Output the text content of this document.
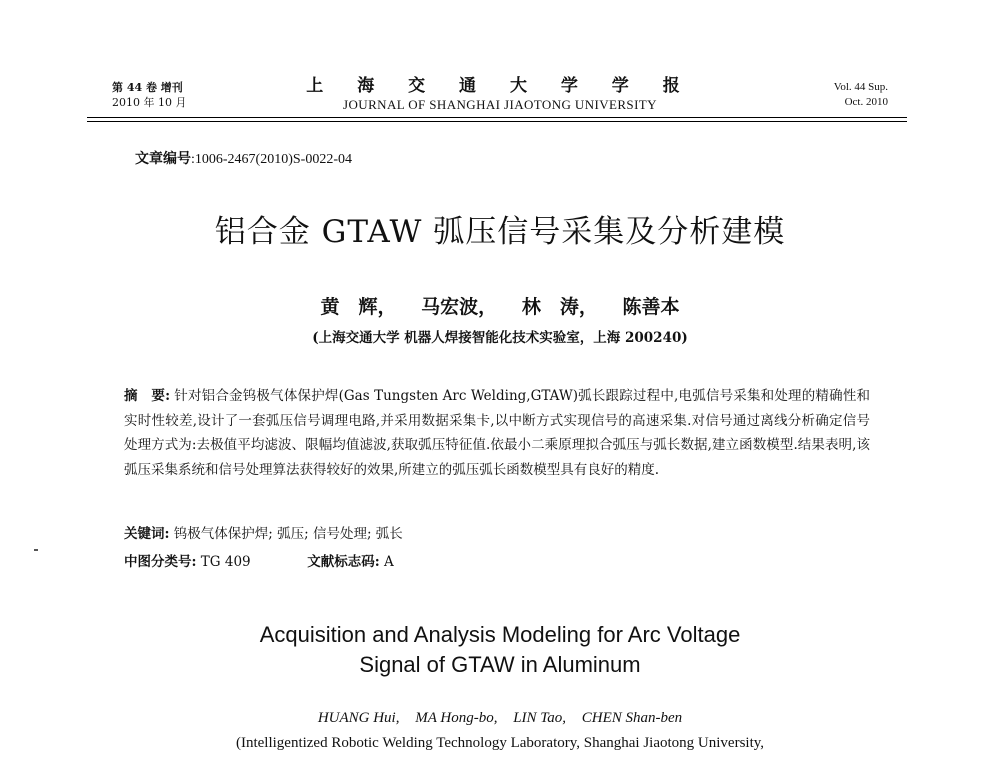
第 44 卷 增刊
2010 年 10 月
上 海 交 通 大 学 学 报
JOURNAL OF SHANGHAI JIAOTONG UNIVERSITY
Vol. 44 Sup.
Oct. 2010
文章编号:1006-2467(2010)S-0022-04
铝合金 GTAW 弧压信号采集及分析建模
黄　辉， 马宏波， 林　涛， 陈善本
(上海交通大学 机器人焊接智能化技术实验室，上海 200240)
摘　要: 针对铝合金钨极气体保护焊(Gas Tungsten Arc Welding,GTAW)弧长跟踪过程中,电弧信号采集和处理的精确性和实时性较差,设计了一套弧压信号调理电路,并采用数据采集卡,以中断方式实现信号的高速采集.对信号通过离线分析确定信号处理方式为:去极值平均滤波、限幅均值滤波,获取弧压特征值.依最小二乘原理拟合弧压与弧长数据,建立函数模型.结果表明,该弧压采集系统和信号处理算法获得较好的效果,所建立的弧压弧长函数模型具有良好的精度.
关键词: 钨极气体保护焊; 弧压; 信号处理; 弧长
中图分类号: TG 409	文献标志码: A
Acquisition and Analysis Modeling for Arc Voltage
Signal of GTAW in Aluminum
HUANG Hui, MA Hong-bo, LIN Tao, CHEN Shan-ben
(Intelligentized Robotic Welding Technology Laboratory, Shanghai Jiaotong University,
